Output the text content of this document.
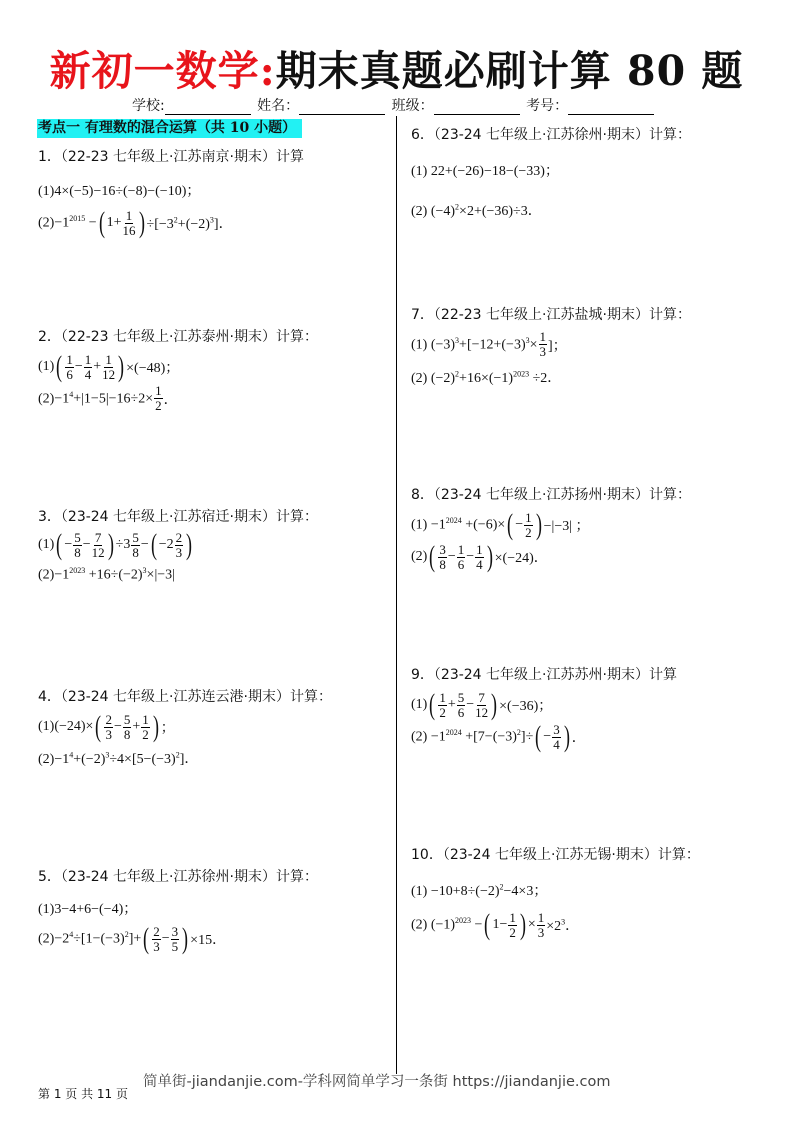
新初一数学:期末真题必刷计算 80 题
学校:	姓名：	班级：	考号：
考点一 有理数的混合运算（共 10 小题）
1．（22-23 七年级上·江苏南京·期末）计算
(1)4×(−5)−16÷(−8)−(−10)；
$(2)-1^{2015}$ − ( $1+ \frac{1}{16}$ ) $\div[-3^2+(-2)^3]$．
2．（22-23 七年级上·江苏泰州·期末）计算：
(1) ( $\frac{1}{6} - \frac{1}{4} + \frac{1}{12}$ ) ×(−48)；
$(2)-1^4+|1-5|-16\div 2\times \frac{1}{2}$ ．
3．（23-24 七年级上·江苏宿迁·期末）计算：
(1) ( − $\frac{5}{8} - \frac{7}{12}$ ) $\div 3 \frac{5}{8}$ − ( $-2 \frac{2}{3}$ )
$(2)-1^{2023} +16\div(-2)^3\times|-3|$
4．（23-24 七年级上·江苏连云港·期末）计算：
(1)(−24)× ( $\frac{2}{3} - \frac{5}{8} + \frac{1}{2}$ ) ；
$(2)-1^4+(-2)^3\div 4\times[5-(-3)^2]$．
5．（23-24 七年级上·江苏徐州·期末）计算：
(1)3−4+6−(−4)；
$(2)-2^4\div[1-(-3)^2]+$ ( $\frac{2}{3} - \frac{3}{5}$ ) ×15．
6．（23-24 七年级上·江苏徐州·期末）计算：
(1) 22+(−26)−18−(−33)；
(2) $(-4)^2\times 2+(-36)\div 3$．
7．（22-23 七年级上·江苏盐城·期末）计算：
(1) $(-3)^3+[-12+(-3)^3\times \frac{1}{3}$ ]；
(2) $(-2)^2+16\times(-1)^{2023} \div 2$．
8．（23-24 七年级上·江苏扬州·期末）计算：
$(1) -1^{2024} +(-6)\times$ ( − $\frac{1}{2}$ ) −|−3| ；
(2) ( $\frac{3}{8} - \frac{1}{6} - \frac{1}{4}$ ) ×(−24)．
9．（23-24 七年级上·江苏苏州·期末）计算
(1) ( $\frac{1}{2} + \frac{5}{6} - \frac{7}{12}$ ) ×(−36)；
$(2) -1^{2024} +[7-(-3)^2]\div$ ( − $\frac{3}{4}$ ) ．
10．（23-24 七年级上·江苏无锡·期末）计算：
$(1) -10+8\div(-2)^2-4\times 3$；
(2) $(-1)^{2023}$ − ( $1- \frac{1}{2}$ ) × $\frac{1}{3} \times 2^3$．
第 1 页 共 11 页
简单街-jiandanjie.com-学科网简单学习一条街 https://jiandanjie.com
